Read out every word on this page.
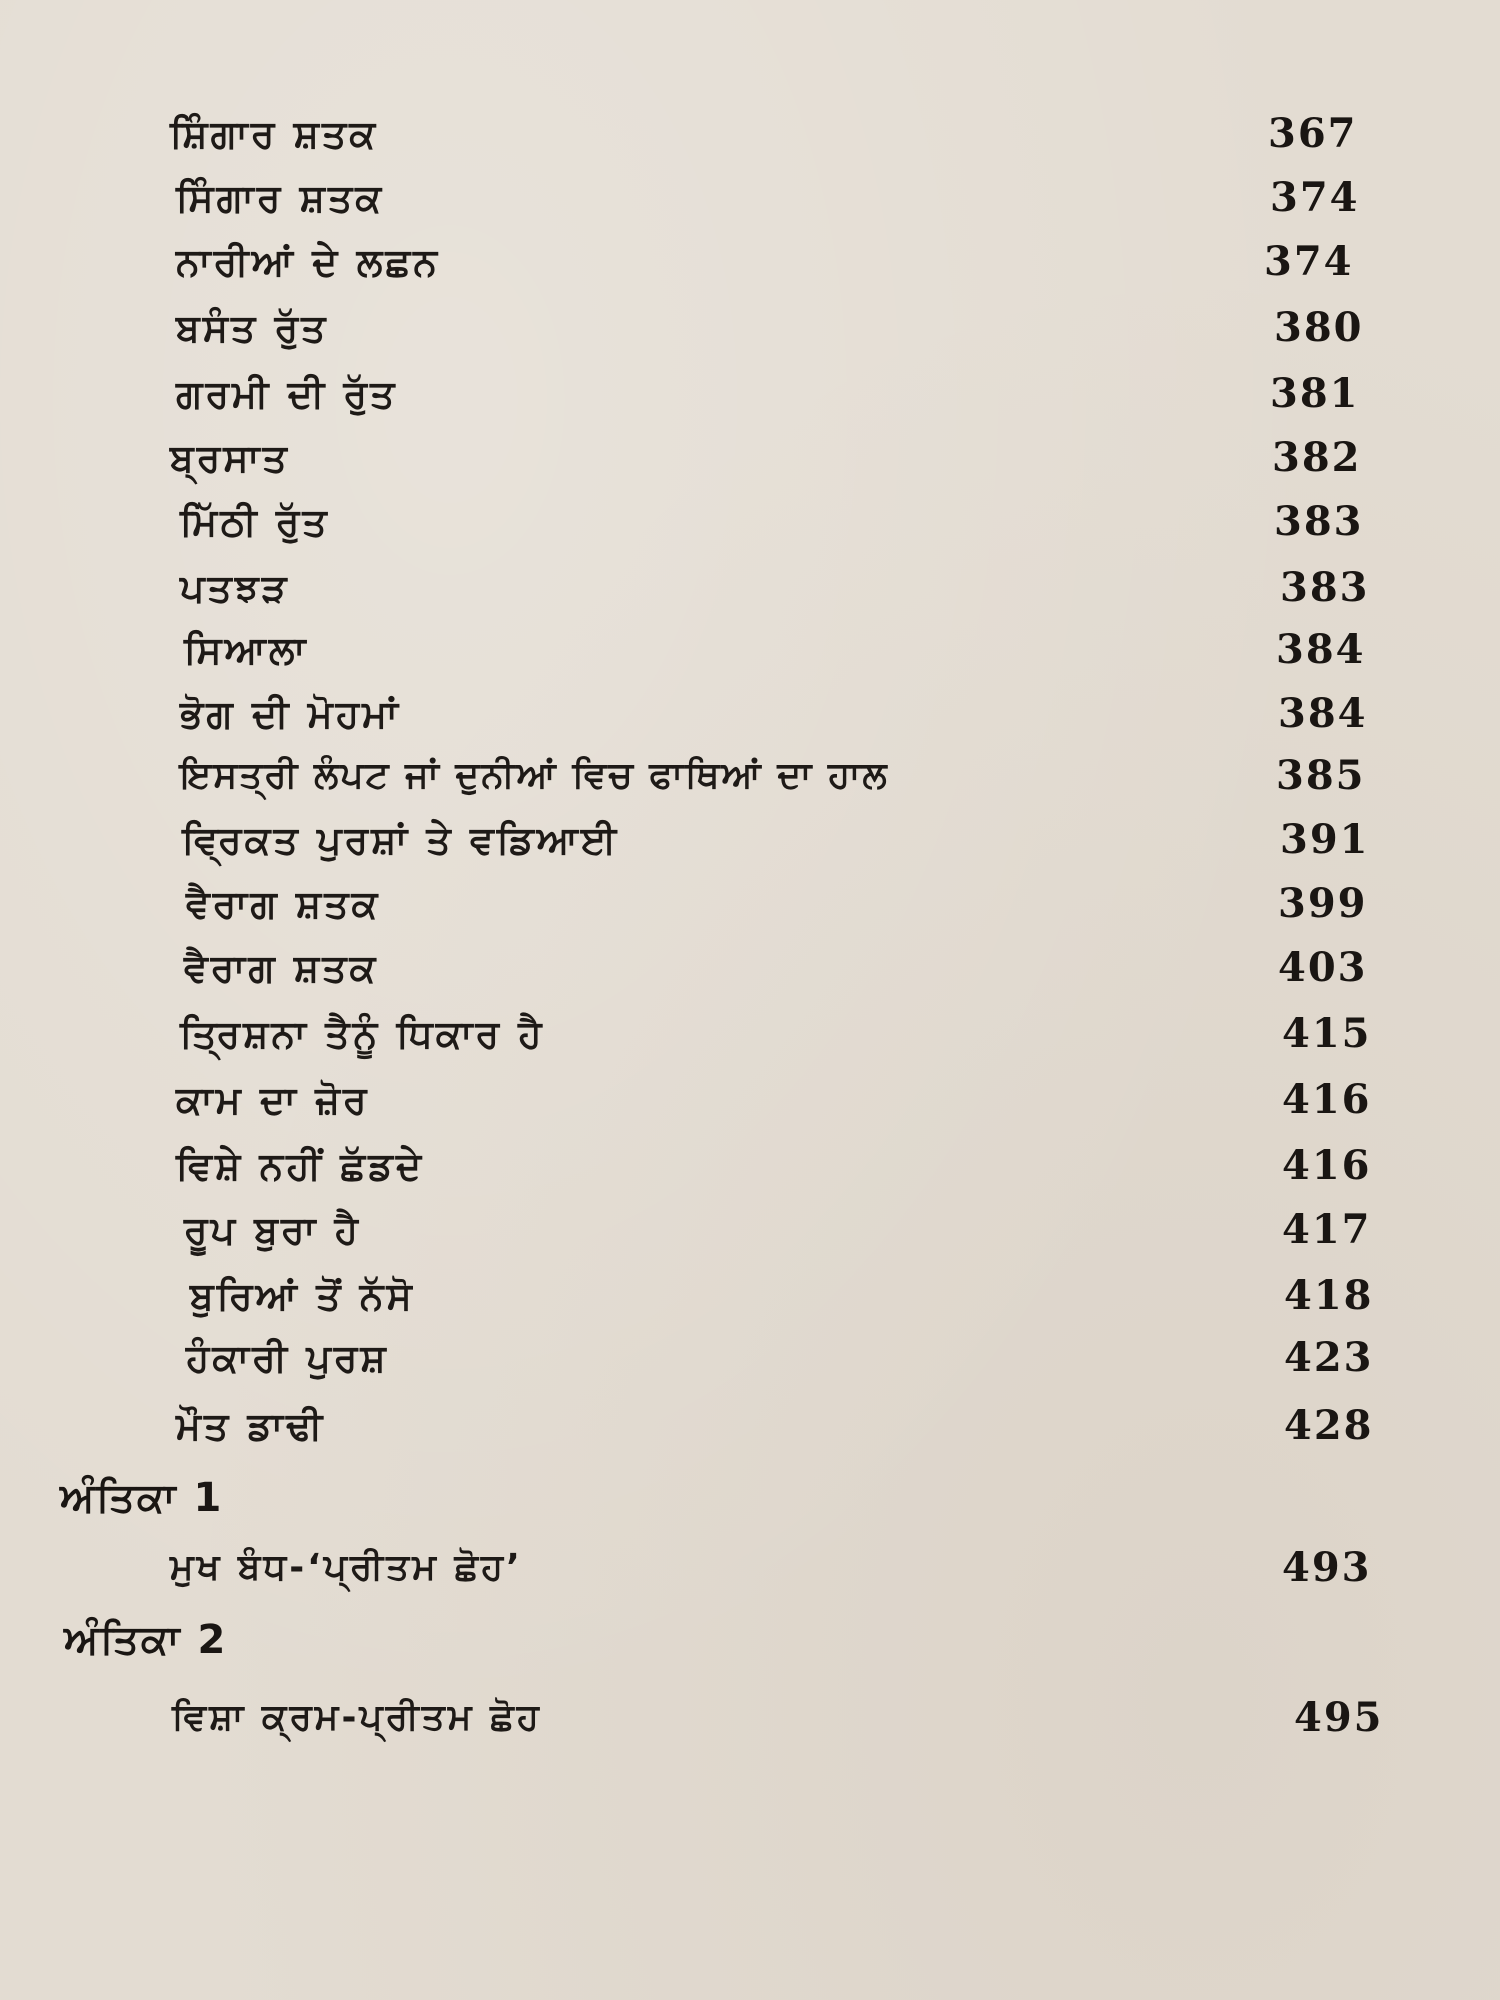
ਸ਼ਿੰਗਾਰ ਸ਼ਤਕ	367
ਸਿੰਗਾਰ ਸ਼ਤਕ	374
ਨਾਰੀਆਂ ਦੇ ਲਛਨ	374
ਬਸੰਤ ਰੁੱਤ	380
ਗਰਮੀ ਦੀ ਰੁੱਤ	381
ਬ੍ਰਸਾਤ	382
ਮਿੱਠੀ ਰੁੱਤ	383
ਪਤਝੜ	383
ਸਿਆਲਾ	384
ਭੋਗ ਦੀ ਮੋਹਮਾਂ	384
ਇਸਤ੍ਰੀ ਲੰਪਟ ਜਾਂ ਦੁਨੀਆਂ ਵਿਚ ਫਾਥਿਆਂ ਦਾ ਹਾਲ	385
ਵ੍ਰਿਕਤ ਪੁਰਸ਼ਾਂ ਤੇ ਵਡਿਆਈ	391
ਵੈਰਾਗ ਸ਼ਤਕ	399
ਵੈਰਾਗ ਸ਼ਤਕ	403
ਤ੍ਰਿਸ਼ਨਾ ਤੈਨੂੰ ਧਿਕਾਰ ਹੈ	415
ਕਾਮ ਦਾ ਜ਼ੋਰ	416
ਵਿਸ਼ੇ ਨਹੀਂ ਛੱਡਦੇ	416
ਰੂਪ ਬੁਰਾ ਹੈ	417
ਬੁਰਿਆਂ ਤੋਂ ਨੱਸੋ	418
ਹੰਕਾਰੀ ਪੁਰਸ਼	423
ਮੌਤ ਡਾਢੀ	428
ਅੰਤਿਕਾ 1
ਮੁਖ ਬੰਧ-‘ਪ੍ਰੀਤਮ ਛੋਹ’	493
ਅੰਤਿਕਾ 2
ਵਿਸ਼ਾ ਕ੍ਰਮ-ਪ੍ਰੀਤਮ ਛੋਹ	495
